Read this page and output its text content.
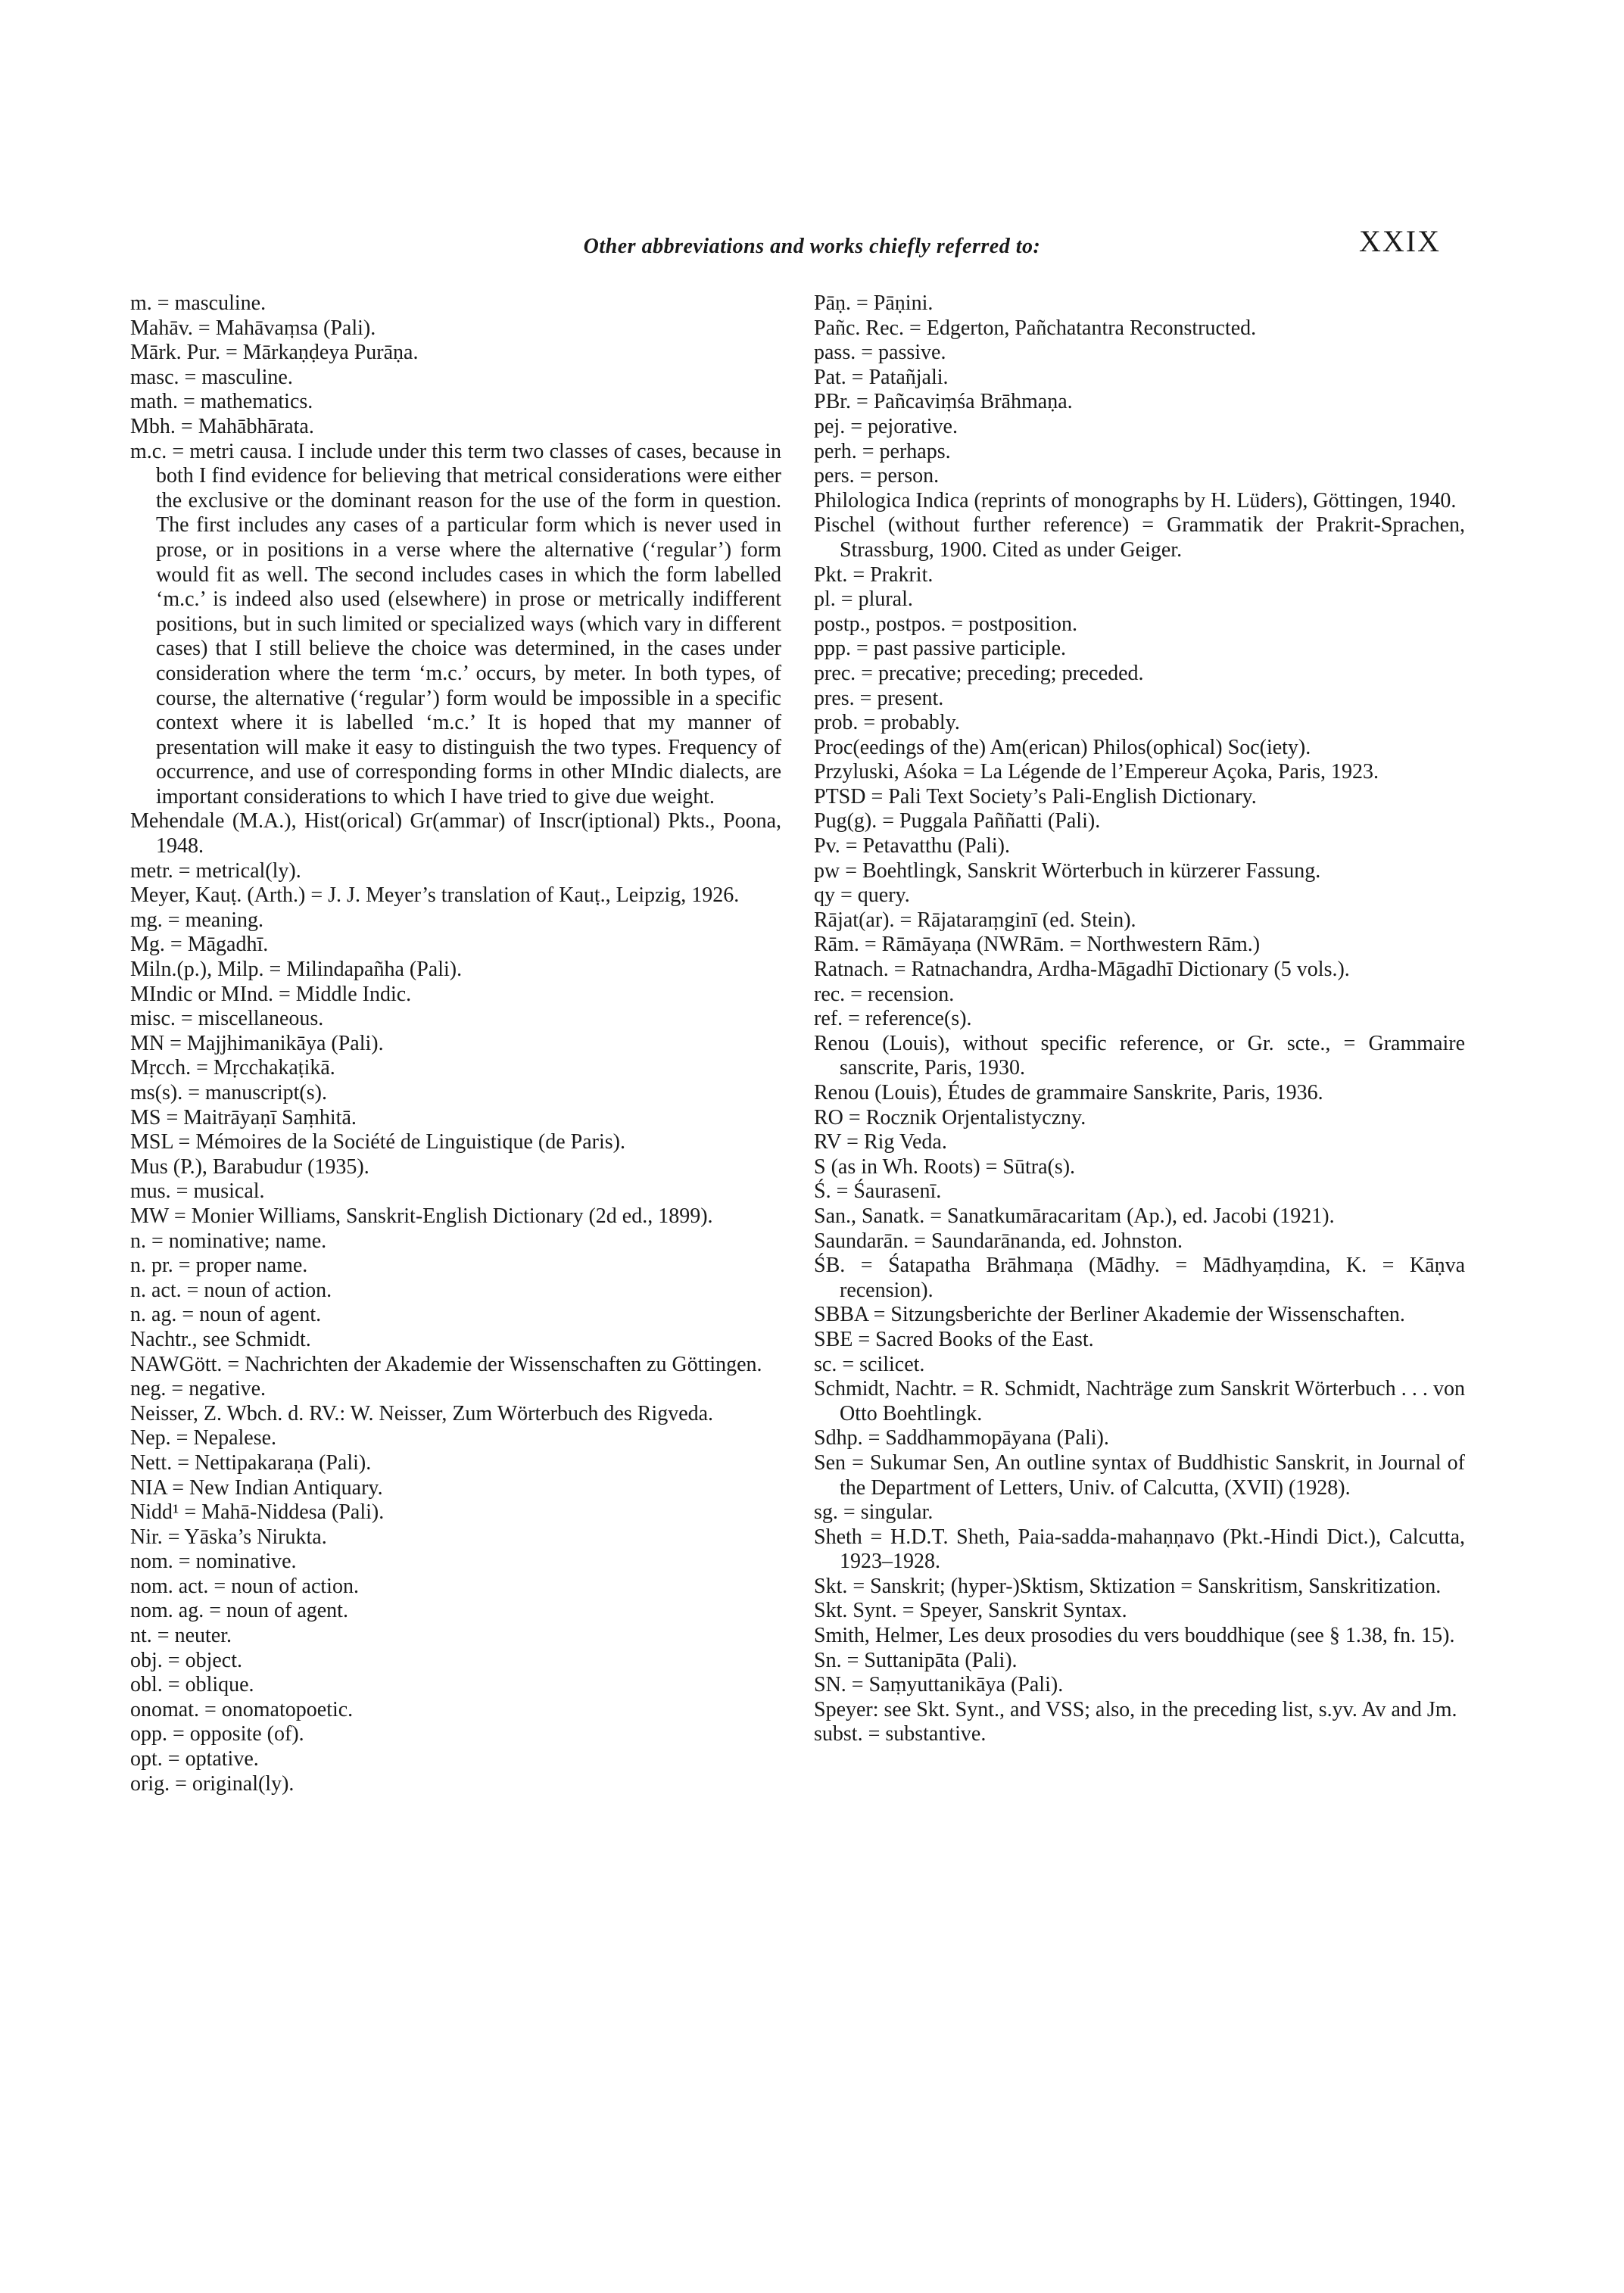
Other abbreviations and works chiefly referred to:	XXIX

m. = masculine.

Mahāv. = Mahāvaṃsa (Pali).

Mārk. Pur. = Mārkaṇḍeya Purāṇa.

masc. = masculine.

math. = mathematics.

Mbh. = Mahābhārata.

m.c. = metri causa. I include under this term two classes of cases, because in both I find evidence for believing that metrical considerations were either the exclusive or the dominant reason for the use of the form in question. The first includes any cases of a particular form which is never used in prose, or in positions in a verse where the alternative (‘regular’) form would fit as well. The second includes cases in which the form labelled ‘m.c.’ is indeed also used (elsewhere) in prose or metrically indifferent positions, but in such limited or specialized ways (which vary in different cases) that I still believe the choice was determined, in the cases under consideration where the term ‘m.c.’ occurs, by meter. In both types, of course, the alternative (‘regular’) form would be impossible in a specific context where it is labelled ‘m.c.’ It is hoped that my manner of presentation will make it easy to distinguish the two types. Frequency of occurrence, and use of corresponding forms in other MIndic dialects, are important considerations to which I have tried to give due weight.

Mehendale (M.A.), Hist(orical) Gr(ammar) of Inscr(iptional) Pkts., Poona, 1948.

metr. = metrical(ly).

Meyer, Kauṭ. (Arth.) = J. J. Meyer’s translation of Kauṭ., Leipzig, 1926.

mg. = meaning.

Mg. = Māgadhī.

Miln.(p.), Milp. = Milindapañha (Pali).

MIndic or MInd. = Middle Indic.

misc. = miscellaneous.

MN = Majjhimanikāya (Pali).

Mṛcch. = Mṛcchakaṭikā.

ms(s). = manuscript(s).

MS = Maitrāyaṇī Saṃhitā.

MSL = Mémoires de la Société de Linguistique (de Paris).

Mus (P.), Barabudur (1935).

mus. = musical.

MW = Monier Williams, Sanskrit-English Dictionary (2d ed., 1899).

n. = nominative; name.

n. pr. = proper name.

n. act. = noun of action.

n. ag. = noun of agent.

Nachtr., see Schmidt.

NAWGött. = Nachrichten der Akademie der Wissenschaften zu Göttingen.

neg. = negative.

Neisser, Z. Wbch. d. RV.: W. Neisser, Zum Wörterbuch des Rigveda.

Nep. = Nepalese.

Nett. = Nettipakaraṇa (Pali).

NIA = New Indian Antiquary.

Nidd¹ = Mahā-Niddesa (Pali).

Nir. = Yāska’s Nirukta.

nom. = nominative.

nom. act. = noun of action.

nom. ag. = noun of agent.

nt. = neuter.

obj. = object.

obl. = oblique.

onomat. = onomatopoetic.

opp. = opposite (of).

opt. = optative.

orig. = original(ly).

Pāṇ. = Pāṇini.

Pañc. Rec. = Edgerton, Pañchatantra Reconstructed.

pass. = passive.

Pat. = Patañjali.

PBr. = Pañcaviṃśa Brāhmaṇa.

pej. = pejorative.

perh. = perhaps.

pers. = person.

Philologica Indica (reprints of monographs by H. Lüders), Göttingen, 1940.

Pischel (without further reference) = Grammatik der Prakrit-Sprachen, Strassburg, 1900. Cited as under Geiger.

Pkt. = Prakrit.

pl. = plural.

postp., postpos. = postposition.

ppp. = past passive participle.

prec. = precative; preceding; preceded.

pres. = present.

prob. = probably.

Proc(eedings of the) Am(erican) Philos(ophical) Soc(iety).

Przyluski, Aśoka = La Légende de l’Empereur Açoka, Paris, 1923.

PTSD = Pali Text Society’s Pali-English Dictionary.

Pug(g). = Puggala Paññatti (Pali).

Pv. = Petavatthu (Pali).

pw = Boehtlingk, Sanskrit Wörterbuch in kürzerer Fassung.

qy = query.

Rājat(ar). = Rājataraṃginī (ed. Stein).

Rām. = Rāmāyaṇa (NWRām. = Northwestern Rām.)

Ratnach. = Ratnachandra, Ardha-Māgadhī Dictionary (5 vols.).

rec. = recension.

ref. = reference(s).

Renou (Louis), without specific reference, or Gr. scte., = Grammaire sanscrite, Paris, 1930.

Renou (Louis), Études de grammaire Sanskrite, Paris, 1936.

RO = Rocznik Orjentalistyczny.

RV = Rig Veda.

S (as in Wh. Roots) = Sūtra(s).

Ś. = Śaurasenī.

San., Sanatk. = Sanatkumāracaritam (Ap.), ed. Jacobi (1921).

Saundarān. = Saundarānanda, ed. Johnston.

ŚB. = Śatapatha Brāhmaṇa (Mādhy. = Mādhyaṃdina, K. = Kāṇva recension).

SBBA = Sitzungsberichte der Berliner Akademie der Wissenschaften.

SBE = Sacred Books of the East.

sc. = scilicet.

Schmidt, Nachtr. = R. Schmidt, Nachträge zum Sanskrit Wörterbuch . . . von Otto Boehtlingk.

Sdhp. = Saddhammopāyana (Pali).

Sen = Sukumar Sen, An outline syntax of Buddhistic Sanskrit, in Journal of the Department of Letters, Univ. of Calcutta, (XVII) (1928).

sg. = singular.

Sheth = H.D.T. Sheth, Paia-sadda-mahaṇṇavo (Pkt.-Hindi Dict.), Calcutta, 1923–1928.

Skt. = Sanskrit; (hyper-)Sktism, Sktization = Sanskritism, Sanskritization.

Skt. Synt. = Speyer, Sanskrit Syntax.

Smith, Helmer, Les deux prosodies du vers bouddhique (see § 1.38, fn. 15).

Sn. = Suttanipāta (Pali).

SN. = Saṃyuttanikāya (Pali).

Speyer: see Skt. Synt., and VSS; also, in the preceding list, s.yv. Av and Jm.

subst. = substantive.
